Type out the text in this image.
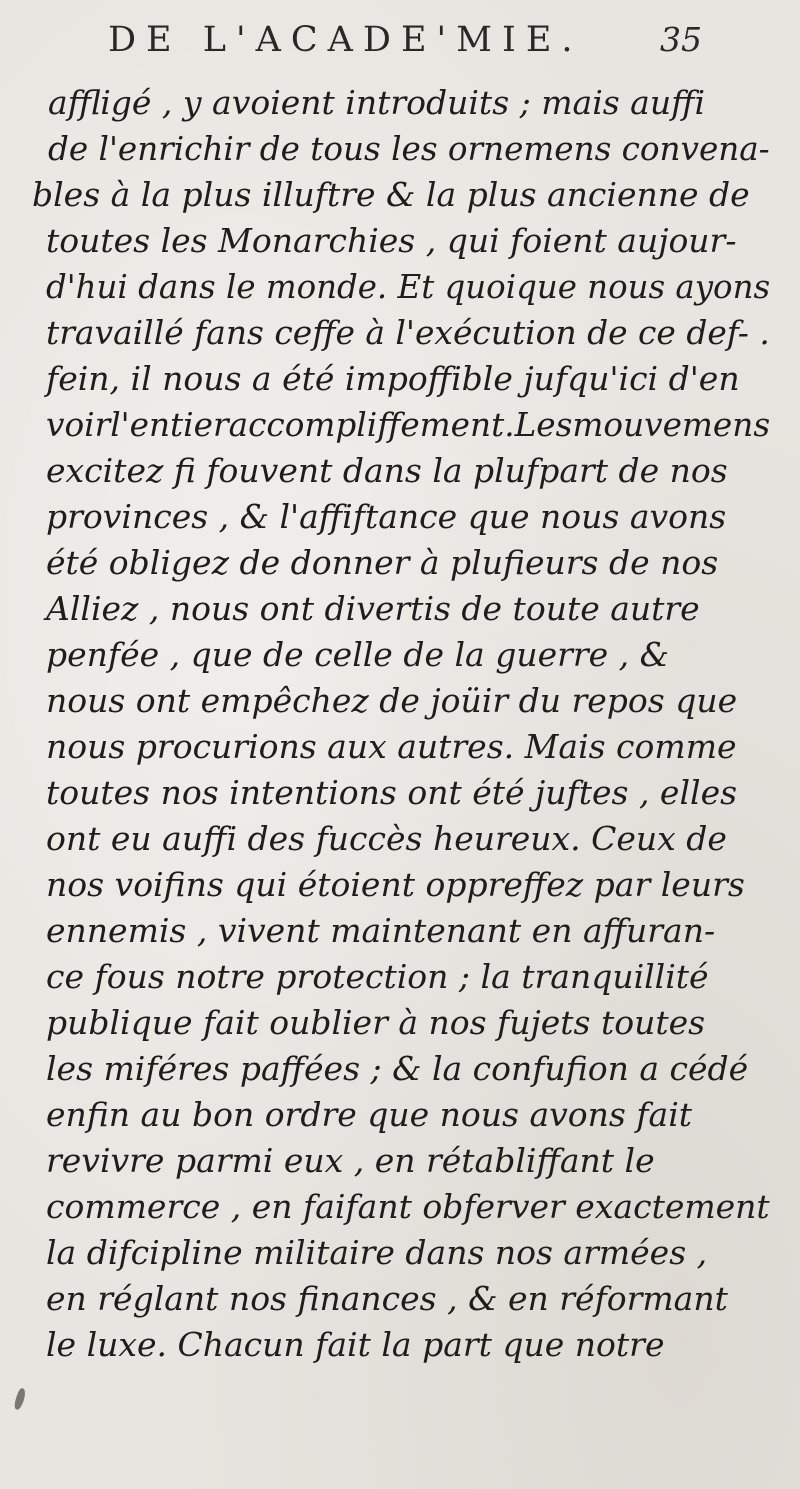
DE L'ACADE'MIE. 35
affligé , y avoient introduits ; mais auffi
de l'enrichir de tous les ornemens convena-
bles à la plus illuftre & la plus ancienne de
toutes les Monarchies , qui foient aujour-
d'hui dans le monde. Et quoique nous ayons
travaillé fans ceffe à l'exécution de ce def- .
fein, il nous a été impoffible jufqu'ici d'en
voirl'entieraccompliffement.Lesmouvemens
excitez fi fouvent dans la plufpart de nos
provinces , & l'affiftance que nous avons
été obligez de donner à plufieurs de nos
Alliez , nous ont divertis de toute autre
penfée , que de celle de la guerre , &
nous ont empêchez de joüir du repos que
nous procurions aux autres. Mais comme
toutes nos intentions ont été juftes , elles
ont eu auffi des fuccès heureux. Ceux de
nos voifins qui étoient oppreffez par leurs
ennemis , vivent maintenant en affuran-
ce fous notre protection ; la tranquillité
publique fait oublier à nos fujets toutes
les miféres paffées ; & la confufion a cédé
enfin au bon ordre que nous avons fait
revivre parmi eux , en rétabliffant le
commerce , en faifant obferver exactement
la difcipline militaire dans nos armées ,
en réglant nos finances , & en réformant
le luxe. Chacun fait la part que notre
